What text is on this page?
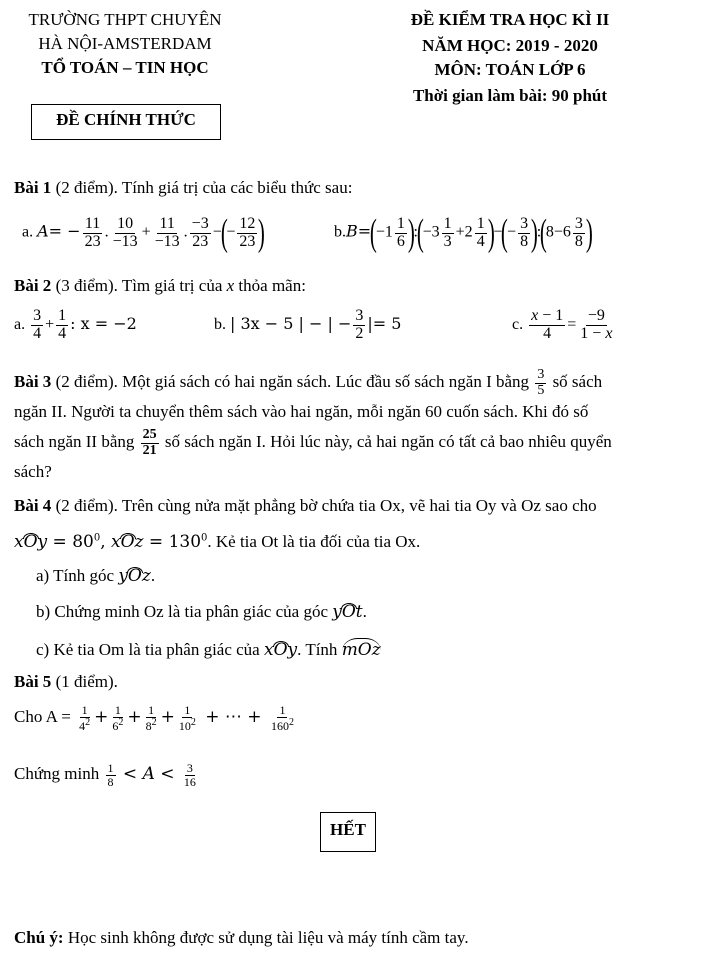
TRƯỜNG THPT CHUYÊN
HÀ NỘI-AMSTERDAM
TỔ TOÁN – TIN HỌC
ĐỀ CHÍNH THỨC
ĐỀ KIỂM TRA HỌC KÌ II
NĂM HỌC: 2019 - 2020
MÔN: TOÁN LỚP 6
Thời gian làm bài: 90 phút
Bài 1 (2 điểm). Tính giá trị của các biểu thức sau:
a. $A= - \frac{11}{23}$ . $\frac{10}{-13} + \frac{11}{-13}$ . $\frac{-3}{23}$ −(− $\frac{12}{23}$ )	$b.B=(-1 \frac{1}{6}$ ):(−3 $\frac{1}{3} +2 \frac{1}{4}$ )−(− $\frac{3}{8}$ ):(8−6 $\frac{3}{8}$ )
Bài 2 (3 điểm). Tìm giá trị của x thỏa mãn:
a. $\frac{3}{4} + \frac{1}{4}$ : x = −2	b. | 3x − 5 | − | − $\frac{3}{2}$ |= 5	c. $\frac{x - 1}{4} = \frac{-9}{1 - x}$
Bài 3 (2 điểm). Một giá sách có hai ngăn sách. Lúc đầu số sách ngăn I bằng $\frac{3}{5}$ số sách
ngăn II. Người ta chuyển thêm sách vào hai ngăn, mỗi ngăn 60 cuốn sách. Khi đó số
sách ngăn II bằng $\frac{25}{21}$ số sách ngăn I. Hỏi lúc này, cả hai ngăn có tất cả bao nhiêu quyển
sách?
Bài 4 (2 điểm). Trên cùng nửa mặt phẳng bờ chứa tia Ox, vẽ hai tia Oy và Oz sao cho
xOy = $80^0$, xOz = $130^0$. Kẻ tia Ot là tia đối của tia Ox.
a) Tính góc yOz.
b) Chứng minh Oz là tia phân giác của góc yOt.
c) Kẻ tia Om là tia phân giác của xOy. Tính mOz
Bài 5 (1 điểm).
Cho $A = \frac{1}{4^2} + \frac{1}{6^2} + \frac{1}{8^2} + \frac{1}{10^2}$ + ⋯ + $\frac{1}{160^2}$
Chứng minh $\frac{1}{8} < A < \frac{3}{16}$
HẾT
Chú ý: Học sinh không được sử dụng tài liệu và máy tính cầm tay.
